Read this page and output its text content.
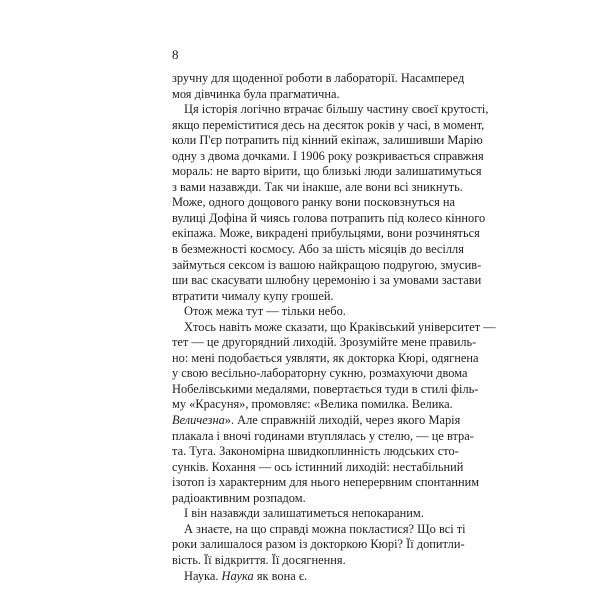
8
зручну для щоденної роботи в лабораторії. Насамперед
моя дівчинка була прагматична.
Ця історія логічно втрачає більшу частину своєї крутості,
якщо переміститися десь на десяток років у часі, в момент,
коли П'єр потрапить під кінний екіпаж, залишивши Марію
одну з двома дочками. І 1906 року розкривається справжня
мораль: не варто вірити, що близькі люди залишатимуться
з вами назавжди. Так чи інакше, але вони всі зникнуть.
Може, одного дощового ранку вони посковзнуться на
вулиці Дофіна й чиясь голова потрапить під колесо кінного
екіпажа. Може, викрадені прибульцями, вони розчиняться
в безмежності космосу. Або за шість місяців до весілля
займуться сексом із вашою найкращою подругою, змусив-
ши вас скасувати шлюбну церемонію і за умовами застави
втратити чималу купу грошей.
Отож межа тут — тільки небо.
Хтось навіть може сказати, що Краківський університет —
тет — це другорядний лиходій. Зрозумійте мене правиль-
но: мені подобається уявляти, як докторка Кюрі, одягнена
у свою весільно-лабораторну сукню, розмахуючи двома
Нобелівськими медалями, повертається туди в стилі філь-
му «Красуня», промовляє: «Велика помилка. Велика.
Величезна». Але справжній лиходій, через якого Марія
плакала і вночі годинами втуплялась у стелю, — це втра-
та. Туга. Закономірна швидкоплинність людських сто-
сунків. Кохання — ось істинний лиходій: нестабільний
ізотоп із характерним для нього неперервним спонтанним
радіоактивним розпадом.
І він назавжди залишатиметься непокараним.
А знаєте, на що справді можна покластися? Що всі ті
роки залишалося разом із докторкою Кюрі? Її допитли-
вість. Її відкриття. Її досягнення.
Наука. Наука як вона є.
